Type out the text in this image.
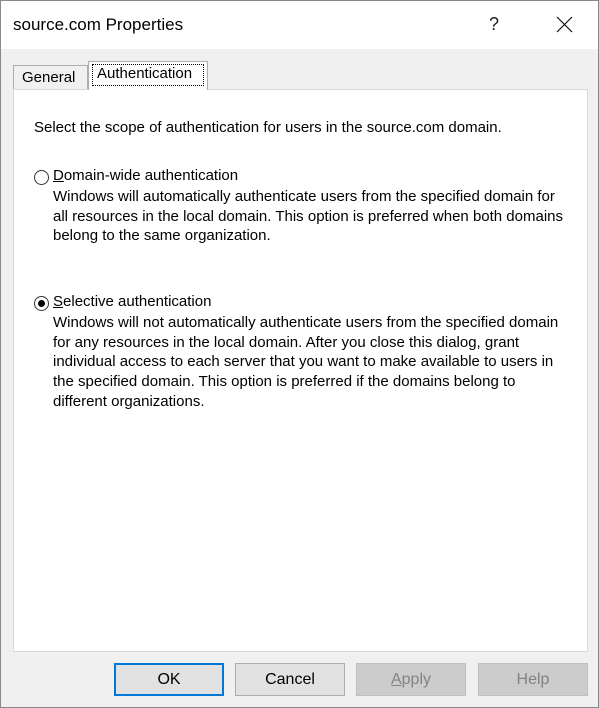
source.com Properties	?
General	Authentication
Select the scope of authentication for users in the source.com domain.
Domain-wide authentication
Windows will automatically authenticate users from the specified domain for all resources in the local domain. This option is preferred when both domains belong to the same organization.
Selective authentication
Windows will not automatically authenticate users from the specified domain for any resources in the local domain. After you close this dialog, grant individual access to each server that you want to make available to users in the specified domain. This option is preferred if the domains belong to different organizations.
OK	Cancel	Apply	Help
